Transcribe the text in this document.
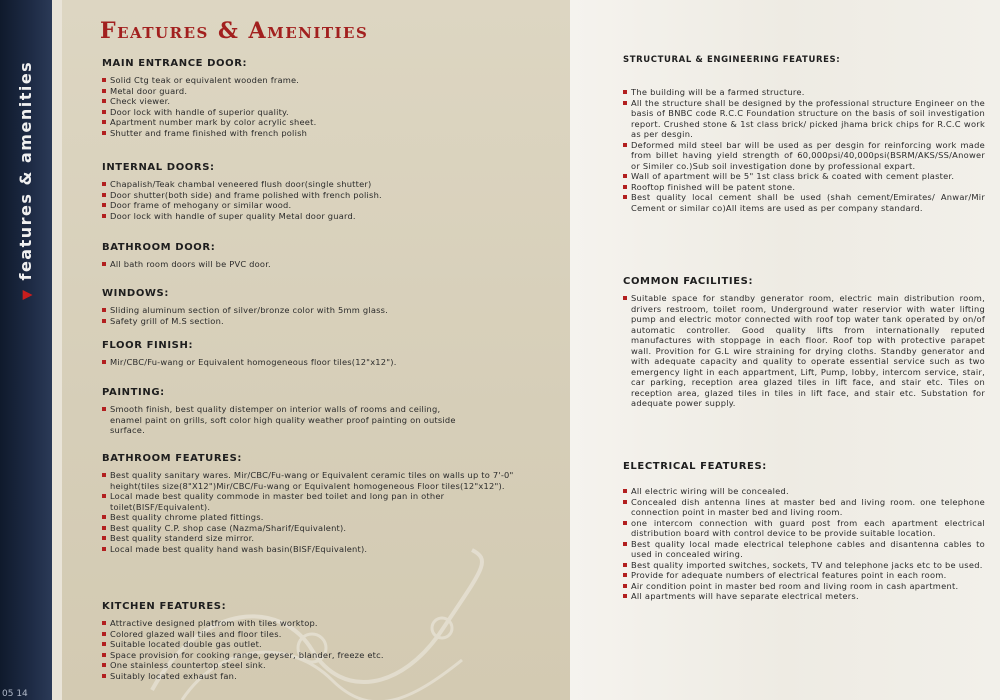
▼features & amenities
05 14
Features & Amenities
MAIN ENTRANCE DOOR:
Solid Ctg teak or equivalent wooden frame.
Metal door guard.
Check viewer.
Door lock with handle of superior quality.
Apartment number mark by color acrylic sheet.
Shutter and frame finished with french polish
INTERNAL DOORS:
Chapalish/Teak chambal veneered flush door(single shutter)
Door shutter(both side) and frame polished with french polish.
Door frame of mehogany or similar wood.
Door lock with handle of super quality Metal door guard.
BATHROOM DOOR:
All bath room doors will be PVC door.
WINDOWS:
Sliding aluminum section of silver/bronze color with 5mm glass.
Safety grill of M.S section.
FLOOR FINISH:
Mir/CBC/Fu-wang or Equivalent homogeneous floor tiles(12"x12").
PAINTING:
Smooth finish, best quality distemper on interior walls of rooms and ceiling, enamel paint on grills, soft color high quality weather proof painting on outside surface.
BATHROOM FEATURES:
Best quality sanitary wares. Mir/CBC/Fu-wang or Equivalent ceramic tiles on walls up to 7'-0" height(tiles size(8"X12")Mir/CBC/Fu-wang or Equivalent homogeneous Floor tiles(12"x12").
Local made best quality commode in master bed toilet and long pan in other toilet(BISF/Equivalent).
Best quality chrome plated fittings.
Best quality C.P. shop case (Nazma/Sharif/Equivalent).
Best quality standerd size mirror.
Local made best quality hand wash basin(BISF/Equivalent).
KITCHEN FEATURES:
Attractive designed platfrom with tiles worktop.
Colored glazed wall tiles and floor tiles.
Suitable located double gas outlet.
Space provision for cooking range, geyser, blander, freeze etc.
One stainless countertop steel sink.
Suitably located exhaust fan.
STRUCTURAL & ENGINEERING FEATURES:
The building will be a farmed structure.
All the structure shall be designed by the professional structure Engineer on the basis of BNBC code R.C.C Foundation structure on the basis of soil investigation report. Crushed stone & 1st class brick/ picked jhama brick chips for R.C.C work as per desgin.
Deformed mild steel bar will be used as per desgin for reinforcing work made from billet having yield strength of 60,000psi/40,000psi(BSRM/AKS/SS/Anower or Similer co.)Sub soil investigation done by professional expart.
Wall of apartment will be 5" 1st class brick & coated with cement plaster.
Rooftop finished will be patent stone.
Best quality local cement shall be used (shah cement/Emirates/ Anwar/Mir Cement or similar co)All items are used as per company standard.
COMMON FACILITIES:
Suitable space for standby generator room, electric main distribution room, drivers restroom, toilet room, Underground water reservior with water lifting pump and electric motor connected with roof top water tank operated by on/of automatic controller. Good quality lifts from internationally reputed manufactures with stoppage in each floor. Roof top with protective parapet wall. Provition for G.L wire straining for drying cloths. Standby generator and with adequate capacity and quality to operate essential service such as two emergency light in each appartment, Lift, Pump, lobby, intercom service, stair, car parking, reception area glazed tiles in lift face, and stair etc. Tiles on reception area, glazed tiles in tiles in lift face, and stair etc. Substation for adequate power supply.
ELECTRICAL FEATURES:
All electric wiring will be concealed.
Concealed dish antenna lines at master bed and living room. one telephone connection point in master bed and living room.
one intercom connection with guard post from each apartment electrical distribution board with control device to be provide suitable location.
Best quality local made electrical telephone cables and disantenna cables to used in concealed wiring.
Best quality imported switches, sockets, TV and telephone jacks etc to be used.
Provide for adequate numbers of electrical features point in each room.
Air condition point in master bed room and living room in cash apartment.
All apartments will have separate electrical meters.
